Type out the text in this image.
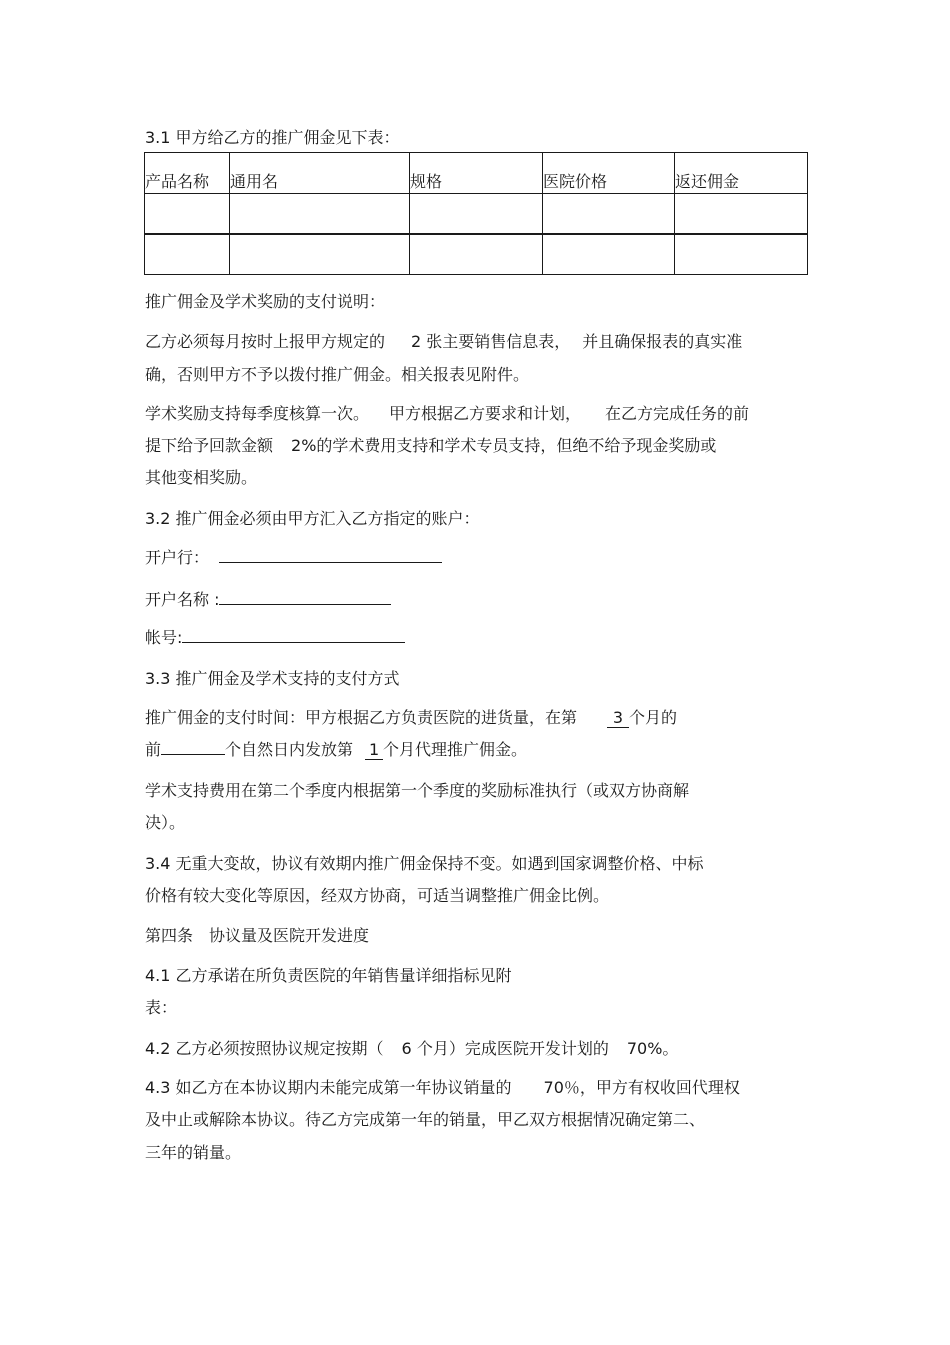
3.1 甲方给乙方的推广佣金见下表：
产品名称	通用名	规格	医院价格	返还佣金

推广佣金及学术奖励的支付说明：
乙方必须每月按时上报甲方规定的 2 张主要销售信息表， 并且确保报表的真实准
确，否则甲方不予以拨付推广佣金。相关报表见附件。
学术奖励支持每季度核算一次。 甲方根据乙方要求和计划， 在乙方完成任务的前
提下给予回款金额 2%的学术费用支持和学术专员支持，但绝不给予现金奖励或
其他变相奖励。
3.2 推广佣金必须由甲方汇入乙方指定的账户：
开户行：
开户名称 :
帐号:
3.3 推广佣金及学术支持的支付方式
推广佣金的支付时间：甲方根据乙方负责医院的进货量，在第 3 个月的
前	个自然日内发放第 1 个月代理推广佣金。
学术支持费用在第二个季度内根据第一个季度的奖励标准执行（或双方协商解
决）。
3.4 无重大变故，协议有效期内推广佣金保持不变。如遇到国家调整价格、中标
价格有较大变化等原因，经双方协商，可适当调整推广佣金比例。
第四条　协议量及医院开发进度
4.1 乙方承诺在所负责医院的年销售量详细指标见附
表：
4.2 乙方必须按照协议规定按期（ 6 个月）完成医院开发计划的 70%。
4.3 如乙方在本协议期内未能完成第一年协议销量的 70％，甲方有权收回代理权
及中止或解除本协议。待乙方完成第一年的销量，甲乙双方根据情况确定第二、
三年的销量。
